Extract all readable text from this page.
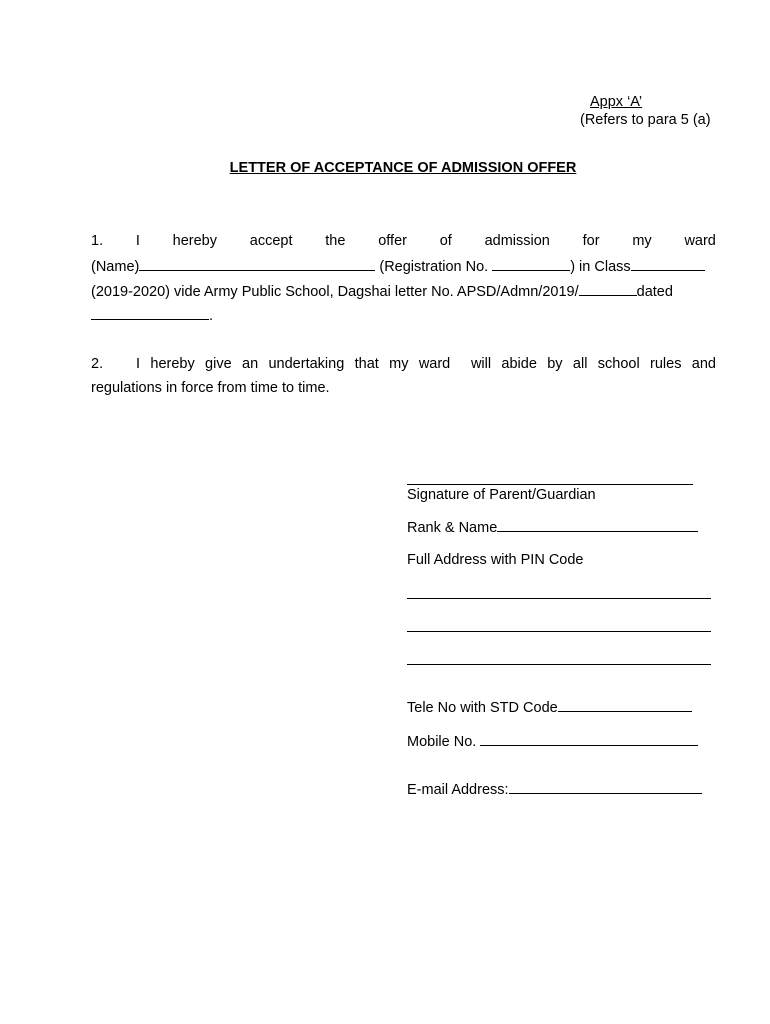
Appx ‘A’
(Refers to para 5 (a)
LETTER OF ACCEPTANCE OF ADMISSION OFFER
1. I hereby accept the offer of admission for my ward
(Name)	(Registration No.	) in Class
(2019-2020) vide Army Public School, Dagshai letter No. APSD/Admn/2019/	dated
.
2. I hereby give an undertaking that my ward  will abide by all school rules and
regulations in force from time to time.
Signature of Parent/Guardian
Rank & Name
Full Address with PIN Code
Tele No with STD Code
Mobile No.
E-mail Address:
